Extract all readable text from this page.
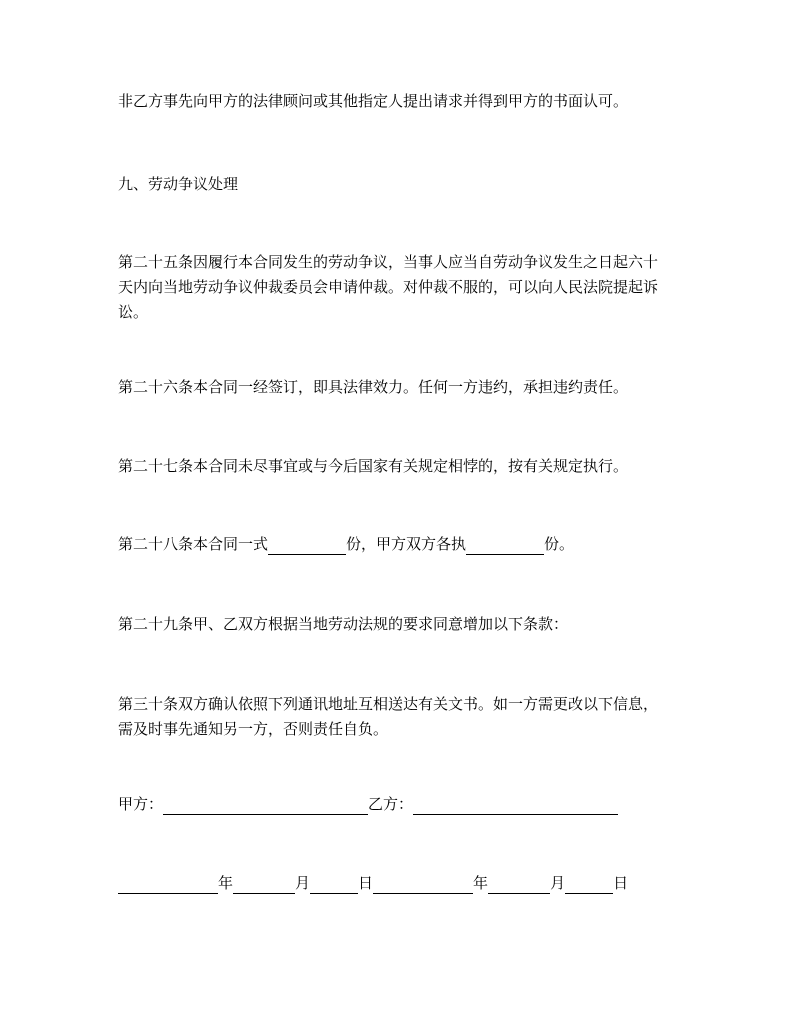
非乙方事先向甲方的法律顾问或其他指定人提出请求并得到甲方的书面认可。

九、劳动争议处理

第二十五条因履行本合同发生的劳动争议，当事人应当自劳动争议发生之日起六十天内向当地劳动争议仲裁委员会申请仲裁。对仲裁不服的，可以向人民法院提起诉讼。

第二十六条本合同一经签订，即具法律效力。任何一方违约，承担违约责任。

第二十七条本合同未尽事宜或与今后国家有关规定相悖的，按有关规定执行。

第二十八条本合同一式	份，甲方双方各执	份。

第二十九条甲、乙双方根据当地劳动法规的要求同意增加以下条款：

第三十条双方确认依照下列通讯地址互相送达有关文书。如一方需更改以下信息，需及时事先通知另一方，否则责任自负。

甲方：	乙方：
年	月	日	年	月	日
